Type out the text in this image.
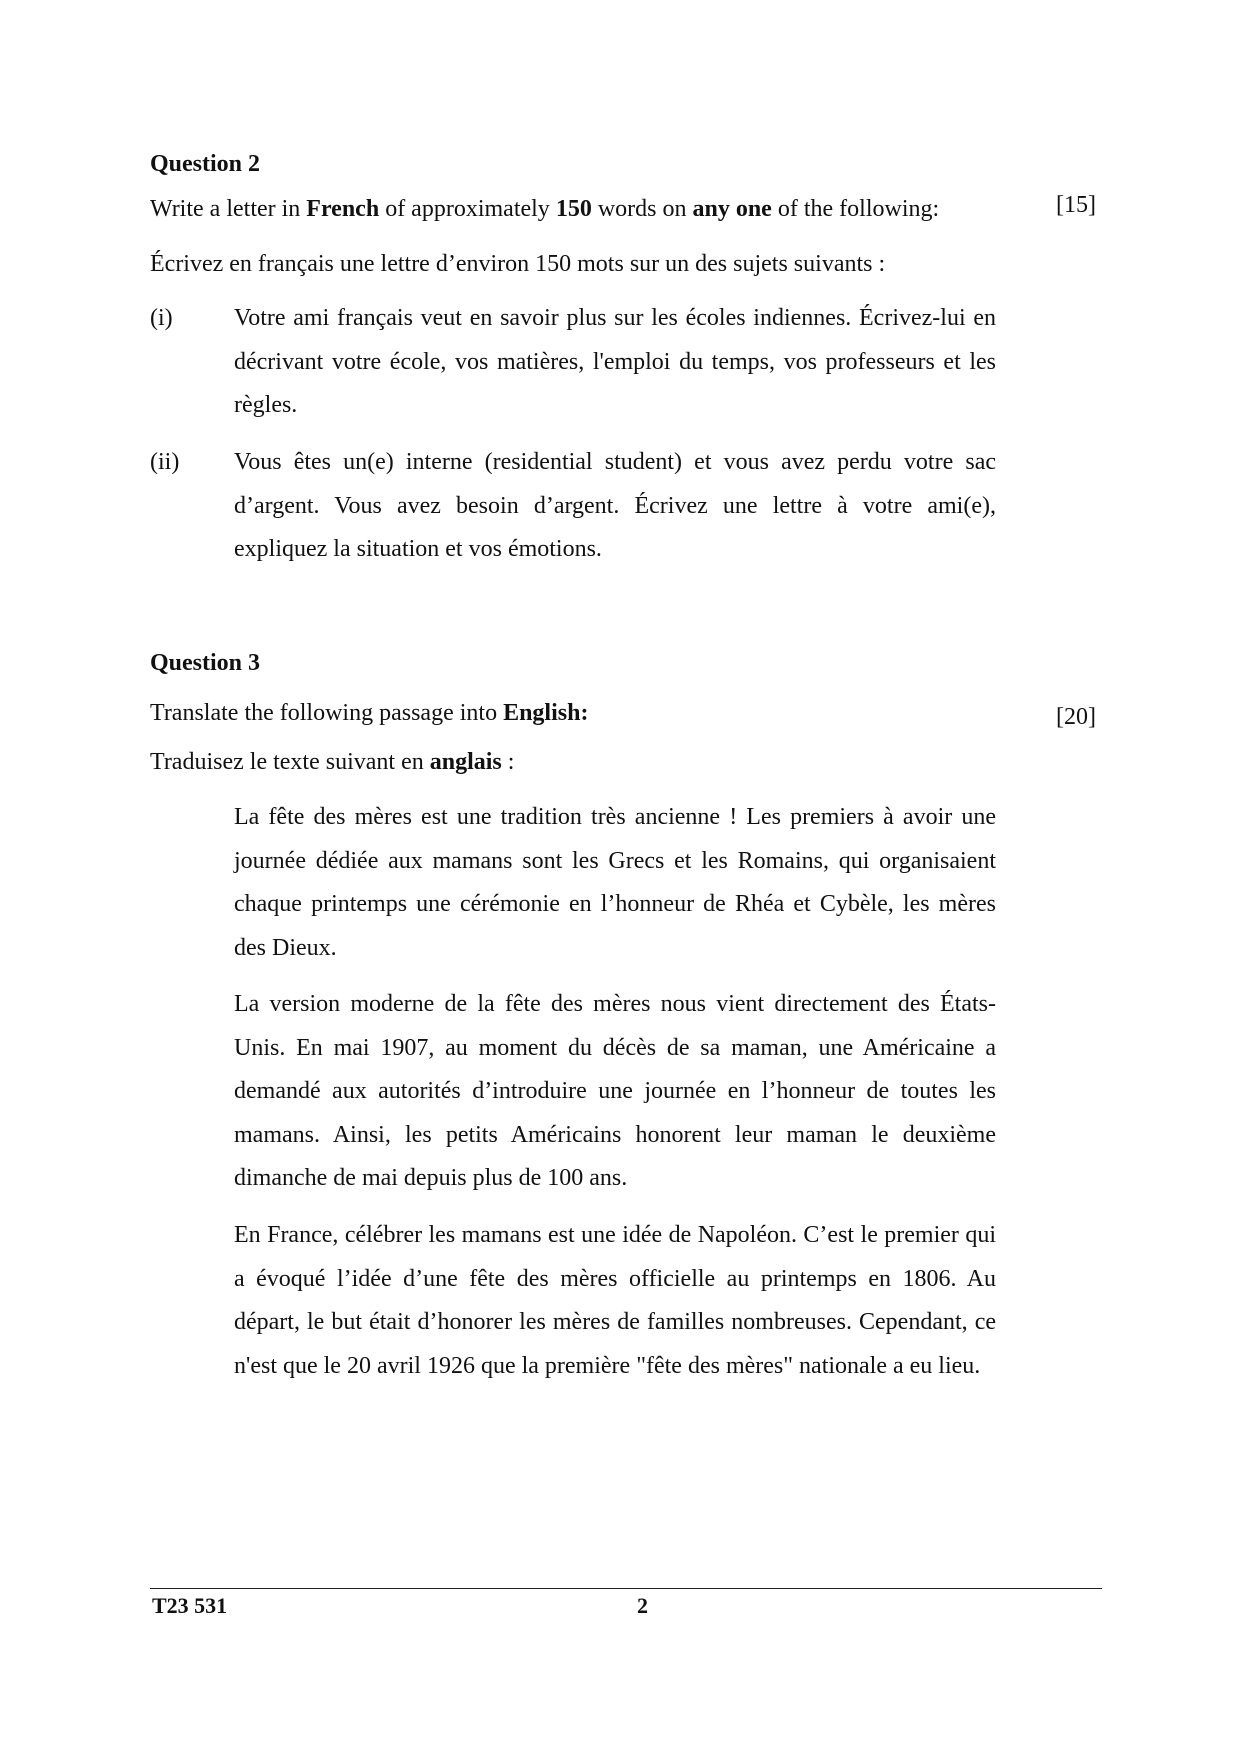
Question 2
Write a letter in French of approximately 150 words on any one of the following:	[15]
Écrivez en français une lettre d’environ 150 mots sur un des sujets suivants :
(i)	Votre ami français veut en savoir plus sur les écoles indiennes. Écrivez-lui en décrivant votre école, vos matières, l'emploi du temps, vos professeurs et les règles.
(ii) Vous êtes un(e) interne (residential student) et vous avez perdu votre sac d’argent. Vous avez besoin d’argent. Écrivez une lettre à votre ami(e), expliquez la situation et vos émotions.
Question 3
Translate the following passage into English:	[20]
Traduisez le texte suivant en anglais :
La fête des mères est une tradition très ancienne ! Les premiers à avoir une journée dédiée aux mamans sont les Grecs et les Romains, qui organisaient chaque printemps une cérémonie en l’honneur de Rhéa et Cybèle, les mères des Dieux.
La version moderne de la fête des mères nous vient directement des États-Unis. En mai 1907, au moment du décès de sa maman, une Américaine a demandé aux autorités d’introduire une journée en l’honneur de toutes les mamans. Ainsi, les petits Américains honorent leur maman le deuxième dimanche de mai depuis plus de 100 ans.
En France, célébrer les mamans est une idée de Napoléon. C’est le premier qui a évoqué l’idée d’une fête des mères officielle au printemps en 1806. Au départ, le but était d’honorer les mères de familles nombreuses. Cependant, ce n'est que le 20 avril 1926 que la première "fête des mères" nationale a eu lieu.
T23 531	2
